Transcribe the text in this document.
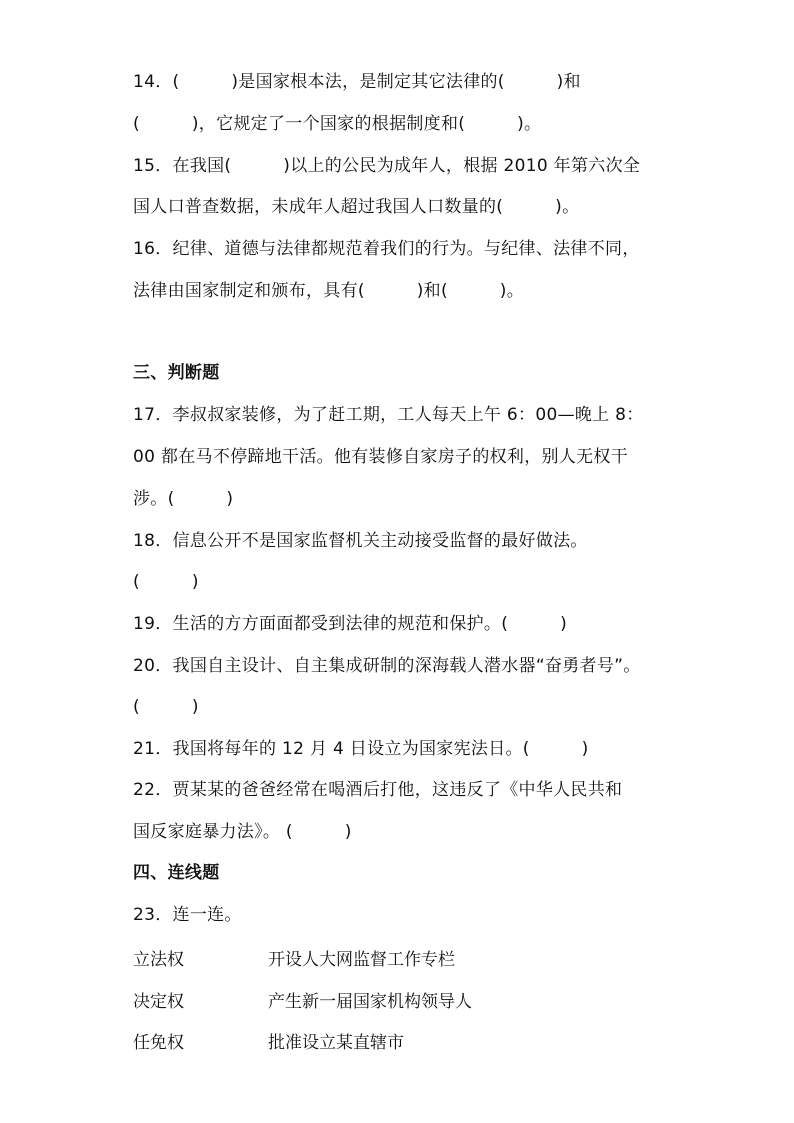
14．(　　　)是国家根本法，是制定其它法律的(　　　)和
(　　　)，它规定了一个国家的根据制度和(　　　)。
15．在我国(　　　)以上的公民为成年人，根据 2010 年第六次全
国人口普查数据，未成年人超过我国人口数量的(　　　)。
16．纪律、道德与法律都规范着我们的行为。与纪律、法律不同，
法律由国家制定和颁布，具有(　　　)和(　　　)。
三、判断题
17．李叔叔家装修，为了赶工期，工人每天上午 6：00—晚上 8：
00 都在马不停蹄地干活。他有装修自家房子的权利，别人无权干
涉。(　　　)
18．信息公开不是国家监督机关主动接受监督的最好做法。
(　　　)
19．生活的方方面面都受到法律的规范和保护。(　　　)
20．我国自主设计、自主集成研制的深海载人潜水器“奋勇者号”。
(　　　)
21．我国将每年的 12 月 4 日设立为国家宪法日。(　　　)
22．贾某某的爸爸经常在喝酒后打他，这违反了《中华人民共和
国反家庭暴力法》。 (　　　)
四、连线题
23．连一连。
立法权	开设人大网监督工作专栏
决定权	产生新一届国家机构领导人
任免权	批准设立某直辖市
